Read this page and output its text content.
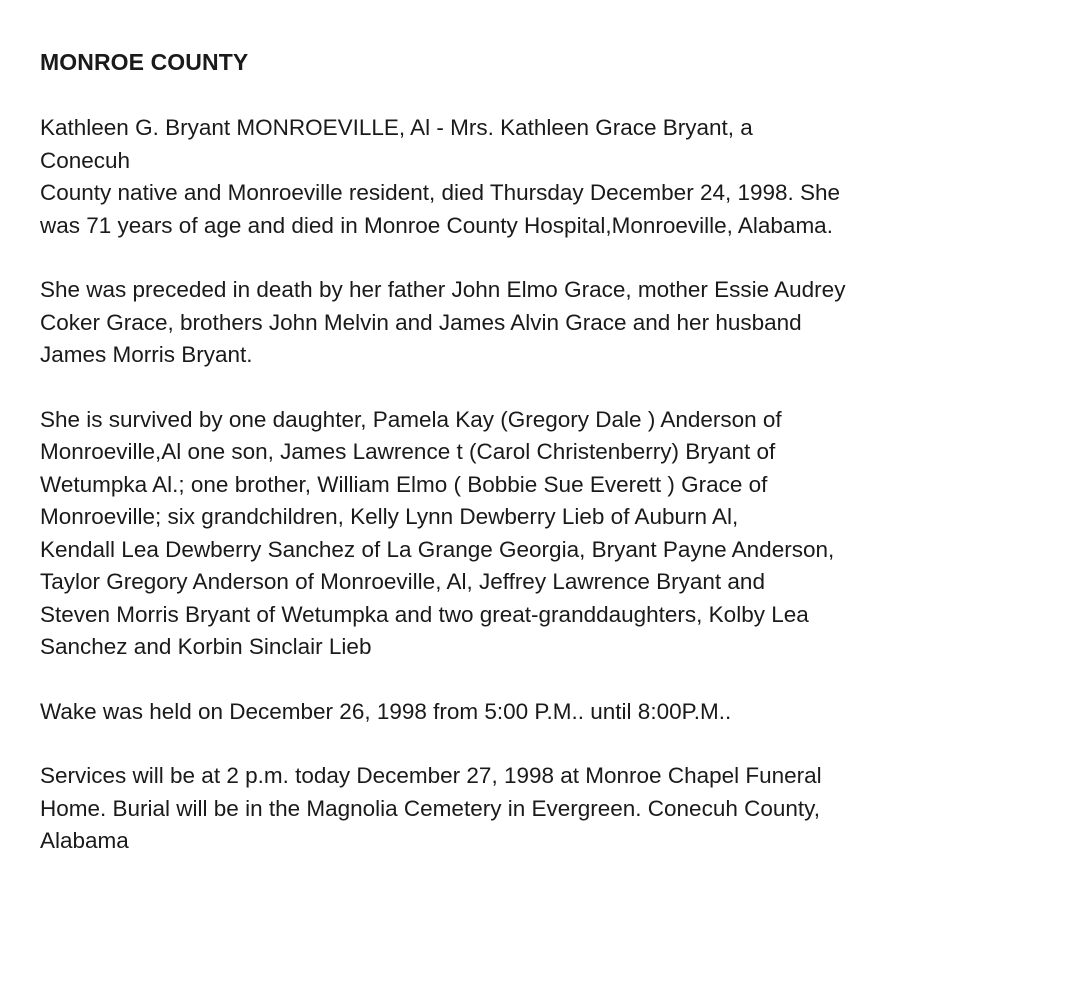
MONROE COUNTY
Kathleen G. Bryant MONROEVILLE, Al - Mrs. Kathleen Grace Bryant, a
Conecuh
County native and Monroeville resident, died Thursday December 24, 1998. She
was 71 years of age and died in Monroe County Hospital,Monroeville, Alabama.
She was preceded in death by her father John Elmo Grace, mother Essie Audrey
Coker Grace, brothers John Melvin and James Alvin Grace and her husband
James Morris Bryant.
She is survived by one daughter, Pamela Kay (Gregory Dale ) Anderson of
Monroeville,Al one son, James Lawrence t (Carol Christenberry) Bryant of
Wetumpka Al.; one brother, William Elmo ( Bobbie Sue Everett ) Grace of
Monroeville; six grandchildren, Kelly Lynn Dewberry Lieb of Auburn Al,
Kendall Lea Dewberry Sanchez of La Grange Georgia, Bryant Payne Anderson,
Taylor Gregory Anderson of Monroeville, Al, Jeffrey Lawrence Bryant and
Steven Morris Bryant of Wetumpka and two great-granddaughters, Kolby Lea
Sanchez and Korbin Sinclair Lieb
Wake was held on December 26, 1998 from 5:00 P.M.. until 8:00P.M..
Services will be at 2 p.m. today December 27, 1998 at Monroe Chapel Funeral
Home. Burial will be in the Magnolia Cemetery in Evergreen. Conecuh County,
Alabama
